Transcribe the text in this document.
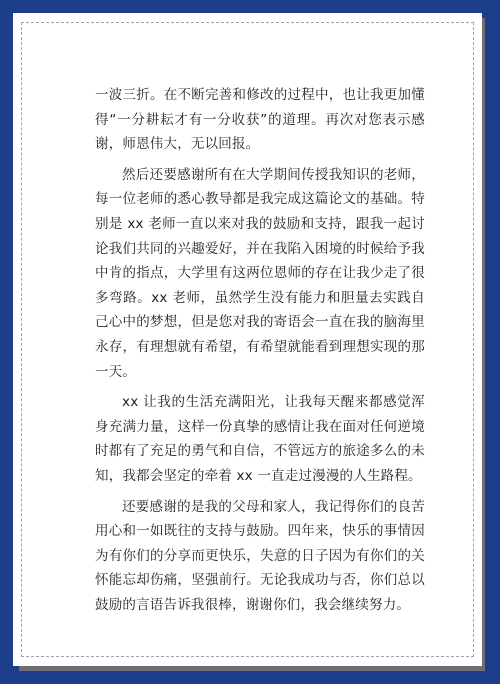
一波三折。在不断完善和修改的过程中，也让我更加懂得“一分耕耘才有一分收获”的道理。再次对您表示感谢，师恩伟大，无以回报。

然后还要感谢所有在大学期间传授我知识的老师，每一位老师的悉心教导都是我完成这篇论文的基础。特别是 xx 老师一直以来对我的鼓励和支持，跟我一起讨论我们共同的兴趣爱好，并在我陷入困境的时候给予我中肯的指点，大学里有这两位恩师的存在让我少走了很多弯路。xx 老师，虽然学生没有能力和胆量去实践自己心中的梦想，但是您对我的寄语会一直在我的脑海里永存，有理想就有希望，有希望就能看到理想实现的那一天。

xx 让我的生活充满阳光，让我每天醒来都感觉浑身充满力量，这样一份真挚的感情让我在面对任何逆境时都有了充足的勇气和自信，不管远方的旅途多么的未知，我都会坚定的牵着 xx 一直走过漫漫的人生路程。

还要感谢的是我的父母和家人，我记得你们的良苦用心和一如既往的支持与鼓励。四年来，快乐的事情因为有你们的分享而更快乐，失意的日子因为有你们的关怀能忘却伤痛，坚强前行。无论我成功与否，你们总以鼓励的言语告诉我很棒，谢谢你们，我会继续努力。
